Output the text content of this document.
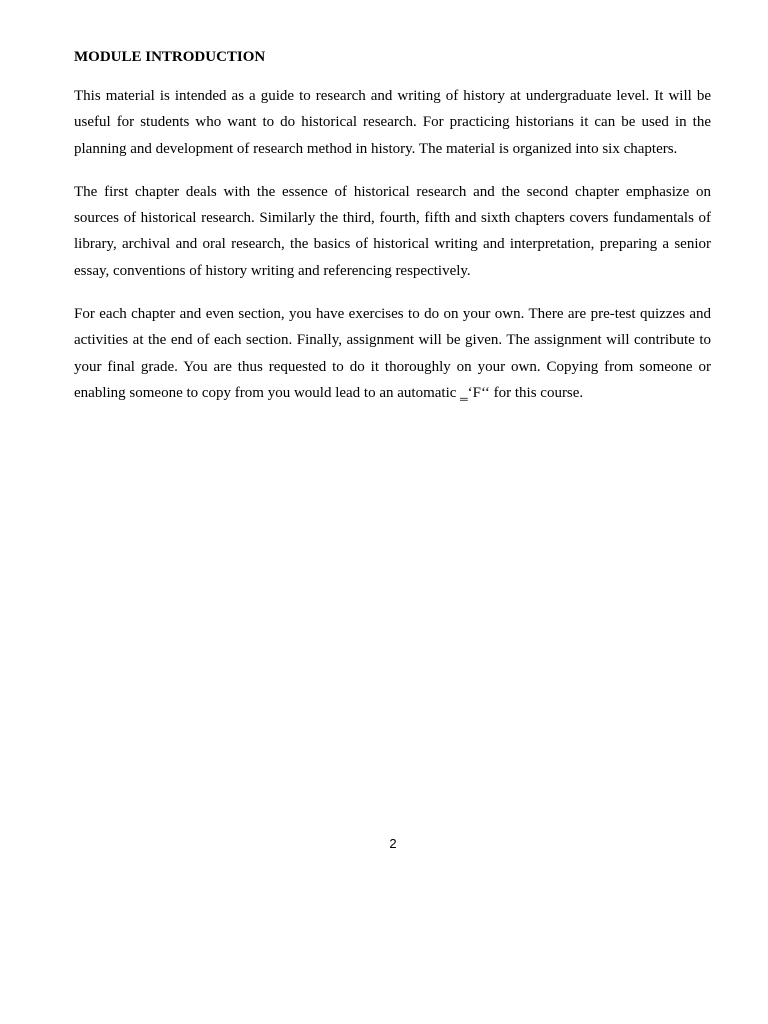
MODULE INTRODUCTION

This material is intended as a guide to research and writing of history at undergraduate level. It will be useful for students who want to do historical research. For practicing historians it can be used in the planning and development of research method in history. The material is organized into six chapters.

The first chapter deals with the essence of historical research and the second chapter emphasize on sources of historical research. Similarly the third, fourth, fifth and sixth chapters covers fundamentals of library, archival and oral research, the basics of historical writing and interpretation, preparing a senior essay, conventions of history writing and referencing respectively.

For each chapter and even section, you have exercises to do on your own. There are pre-test quizzes and activities at the end of each section. Finally, assignment will be given. The assignment will contribute to your final grade. You are thus requested to do it thoroughly on your own. Copying from someone or enabling someone to copy from you would lead to an automatic ‗‘F‘‘ for this course.

2
